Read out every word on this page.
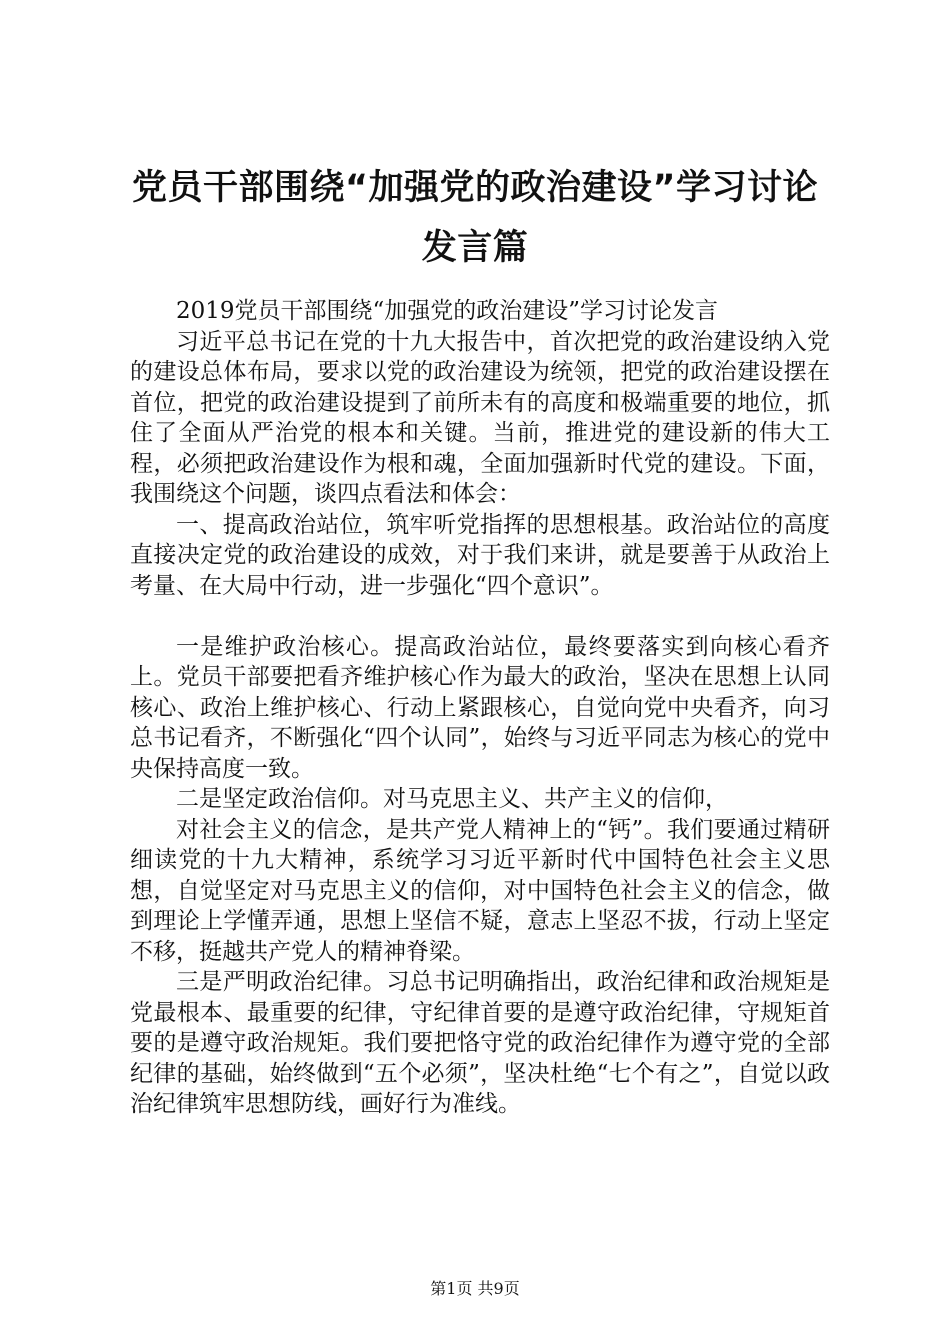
党员干部围绕“加强党的政治建设”学习讨论
发言篇

2019党员干部围绕“加强党的政治建设”学习讨论发言

习近平总书记在党的十九大报告中，首次把党的政治建设纳入党的建设总体布局，要求以党的政治建设为统领，把党的政治建设摆在首位，把党的政治建设提到了前所未有的高度和极端重要的地位，抓住了全面从严治党的根本和关键。当前，推进党的建设新的伟大工程，必须把政治建设作为根和魂，全面加强新时代党的建设。下面，我围绕这个问题，谈四点看法和体会：

一、提高政治站位，筑牢听党指挥的思想根基。政治站位的高度直接决定党的政治建设的成效，对于我们来讲，就是要善于从政治上考量、在大局中行动，进一步强化“四个意识”。

一是维护政治核心。提高政治站位，最终要落实到向核心看齐上。党员干部要把看齐维护核心作为最大的政治，坚决在思想上认同核心、政治上维护核心、行动上紧跟核心，自觉向党中央看齐，向习总书记看齐，不断强化“四个认同”，始终与习近平同志为核心的党中央保持高度一致。

二是坚定政治信仰。对马克思主义、共产主义的信仰，

对社会主义的信念，是共产党人精神上的“钙”。我们要通过精研细读党的十九大精神，系统学习习近平新时代中国特色社会主义思想，自觉坚定对马克思主义的信仰，对中国特色社会主义的信念，做到理论上学懂弄通，思想上坚信不疑，意志上坚忍不拔，行动上坚定不移，挺越共产党人的精神脊梁。

三是严明政治纪律。习总书记明确指出，政治纪律和政治规矩是党最根本、最重要的纪律，守纪律首要的是遵守政治纪律，守规矩首要的是遵守政治规矩。我们要把恪守党的政治纪律作为遵守党的全部纪律的基础，始终做到“五个必须”，坚决杜绝“七个有之”，自觉以政治纪律筑牢思想防线，画好行为准线。

第1页 共9页
